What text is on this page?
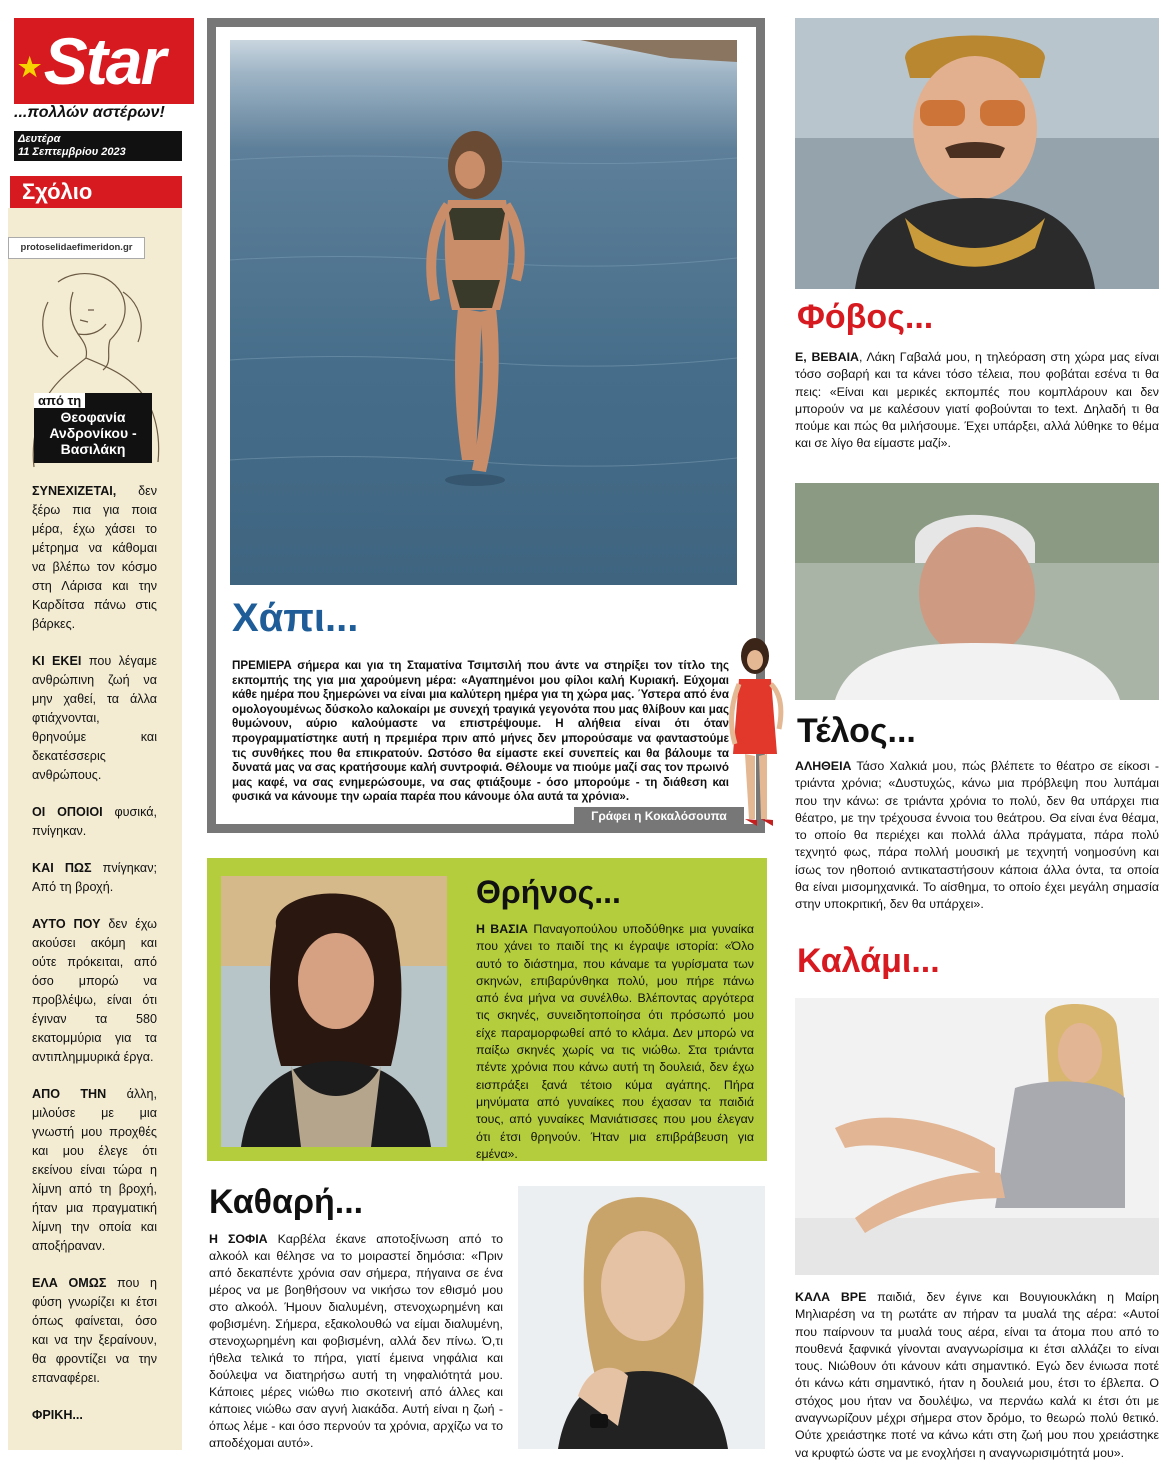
★ Star
...πολλών αστέρων!
Δευτέρα
11 Σεπτεμβρίου 2023
Σχόλιο
protoselidaefimeridon.gr
από τη
Θεοφανία Ανδρονίκου - Βασιλάκη

ΣΥΝΕΧΙΖΕΤΑΙ, δεν ξέρω πια για ποια μέρα, έχω χάσει το μέτρημα να κάθομαι να βλέπω τον κόσμο στη Λάρισα και την Καρδίτσα πάνω στις βάρκες.

ΚΙ ΕΚΕΙ που λέγαμε ανθρώπινη ζωή να μην χαθεί, τα άλλα φτιάχνονται, θρηνούμε και δεκατέσσερις ανθρώπους.

ΟΙ ΟΠΟΙΟΙ φυσικά, πνίγηκαν.

ΚΑΙ ΠΩΣ πνίγηκαν; Από τη βροχή.

ΑΥΤΟ ΠΟΥ δεν έχω ακούσει ακόμη και ούτε πρόκειται, από όσο μπορώ να προβλέψω, είναι ότι έγιναν τα 580 εκατομμύρια για τα αντιπλημμυρικά έργα.

ΑΠΟ ΤΗΝ άλλη, μιλούσε με μια γνωστή μου προχθές και μου έλεγε ότι εκείνου είναι τώρα η λίμνη από τη βροχή, ήταν μια πραγματική λίμνη την οποία και αποξήραναν.

ΕΛΑ ΟΜΩΣ που η φύση γνωρίζει κι έτσι όπως φαίνεται, όσο και να την ξεραίνουν, θα φροντίζει να την επαναφέρει.

ΦΡΙΚΗ...

Χάπι...
ΠΡΕΜΙΕΡΑ σήμερα και για τη Σταματίνα Τσιμτσιλή που άντε να στηρίξει τον τίτλο της εκπομπής της για μια χαρούμενη μέρα: «Αγαπημένοι μου φίλοι καλή Κυριακή. Εύχομαι κάθε ημέρα που ξημερώνει να είναι μια καλύτερη ημέρα για τη χώρα μας. Ύστερα από ένα ομολογουμένως δύσκολο καλοκαίρι με συνεχή τραγικά γεγονότα που μας θλίβουν και μας θυμώνουν, αύριο καλούμαστε να επιστρέψουμε. Η αλήθεια είναι ότι όταν προγραμματίστηκε αυτή η πρεμιέρα πριν από μήνες δεν μπορούσαμε να φανταστούμε τις συνθήκες που θα επικρατούν. Ωστόσο θα είμαστε εκεί συνεπείς και θα βάλουμε τα δυνατά μας να σας κρατήσουμε καλή συντροφιά. Θέλουμε να πιούμε μαζί σας τον πρωινό μας καφέ, να σας ενημερώσουμε, να σας φτιάξουμε - όσο μπορούμε - τη διάθεση και φυσικά να κάνουμε την ωραία παρέα που κάνουμε όλα αυτά τα χρόνια».
Γράφει η Κοκαλόσουπα
Θρήνος...
Η ΒΑΣΙΑ Παναγοπούλου υποδύθηκε μια γυναίκα που χάνει το παιδί της κι έγραψε ιστορία: «Όλο αυτό το διάστημα, που κάναμε τα γυρίσματα των σκηνών, επιβαρύνθηκα πολύ, μου πήρε πάνω από ένα μήνα να συνέλθω. Βλέποντας αργότερα τις σκηνές, συνειδητοποίησα ότι πρόσωπό μου είχε παραμορφωθεί από το κλάμα. Δεν μπορώ να παίξω σκηνές χωρίς να τις νιώθω. Στα τριάντα πέντε χρόνια που κάνω αυτή τη δουλειά, δεν έχω εισπράξει ξανά τέτοιο κύμα αγάπης. Πήρα μηνύματα από γυναίκες που έχασαν τα παιδιά τους, από γυναίκες Μανιάτισσες που μου έλεγαν ότι έτσι θρηνούν. Ήταν μια επιβράβευση για εμένα».
Καθαρή...
Η ΣΟΦΙΑ Καρβέλα έκανε αποτοξίνωση από το αλκοόλ και θέλησε να το μοιραστεί δημόσια: «Πριν από δεκαπέντε χρόνια σαν σήμερα, πήγαινα σε ένα μέρος να με βοηθήσουν να νικήσω τον εθισμό μου στο αλκοόλ. Ήμουν διαλυμένη, στενοχωρημένη και φοβισμένη. Σήμερα, εξακολουθώ να είμαι διαλυμένη, στενοχωρημένη και φοβισμένη, αλλά δεν πίνω. Ό,τι ήθελα τελικά το πήρα, γιατί έμεινα νηφάλια και δούλεψα να διατηρήσω αυτή τη νηφαλιότητά μου. Κάποιες μέρες νιώθω πιο σκοτεινή από άλλες και κάποιες νιώθω σαν αγνή λιακάδα. Αυτή είναι η ζωή - όπως λέμε - και όσο περνούν τα χρόνια, αρχίζω να το αποδέχομαι αυτό».
Φόβος...
Ε, ΒΕΒΑΙΑ, Λάκη Γαβαλά μου, η τηλεόραση στη χώρα μας είναι τόσο σοβαρή και τα κάνει τόσο τέλεια, που φοβάται εσένα τι θα πεις: «Είναι και μερικές εκπομπές που κομπλάρουν και δεν μπορούν να με καλέσουν γιατί φοβούνται το text. Δηλαδή τι θα πούμε και πώς θα μιλήσουμε. Έχει υπάρξει, αλλά λύθηκε το θέμα και σε λίγο θα είμαστε μαζί».
Τέλος...
ΑΛΗΘΕΙΑ Τάσο Χαλκιά μου, πώς βλέπετε το θέατρο σε είκοσι - τριάντα χρόνια; «Δυστυχώς, κάνω μια πρόβλεψη που λυπάμαι που την κάνω: σε τριάντα χρόνια το πολύ, δεν θα υπάρχει πια θέατρο, με την τρέχουσα έννοια του θεάτρου. Θα είναι ένα θέαμα, το οποίο θα περιέχει και πολλά άλλα πράγματα, πάρα πολύ τεχνητό φως, πάρα πολλή μουσική με τεχνητή νοημοσύνη και ίσως τον ηθοποιό αντικαταστήσουν κάποια άλλα όντα, τα οποία θα είναι μισομηχανικά. Το αίσθημα, το οποίο έχει μεγάλη σημασία στην υποκριτική, δεν θα υπάρχει».
Καλάμι...
ΚΑΛΑ ΒΡΕ παιδιά, δεν έγινε και Βουγιουκλάκη η Μαίρη Μηλιαρέση να τη ρωτάτε αν πήραν τα μυαλά της αέρα: «Αυτοί που παίρνουν τα μυαλά τους αέρα, είναι τα άτομα που από το πουθενά ξαφνικά γίνονται αναγνωρίσιμα κι έτσι αλλάζει το είναι τους. Νιώθουν ότι κάνουν κάτι σημαντικό. Εγώ δεν ένιωσα ποτέ ότι κάνω κάτι σημαντικό, ήταν η δουλειά μου, έτσι το έβλεπα. Ο στόχος μου ήταν να δουλέψω, να περνάω καλά κι έτσι ότι με αναγνωρίζουν μέχρι σήμερα στον δρόμο, το θεωρώ πολύ θετικό. Ούτε χρειάστηκε ποτέ να κάνω κάτι στη ζωή μου που χρειάστηκε να κρυφτώ ώστε να με ενοχλήσει η αναγνωρισιμότητά μου».
